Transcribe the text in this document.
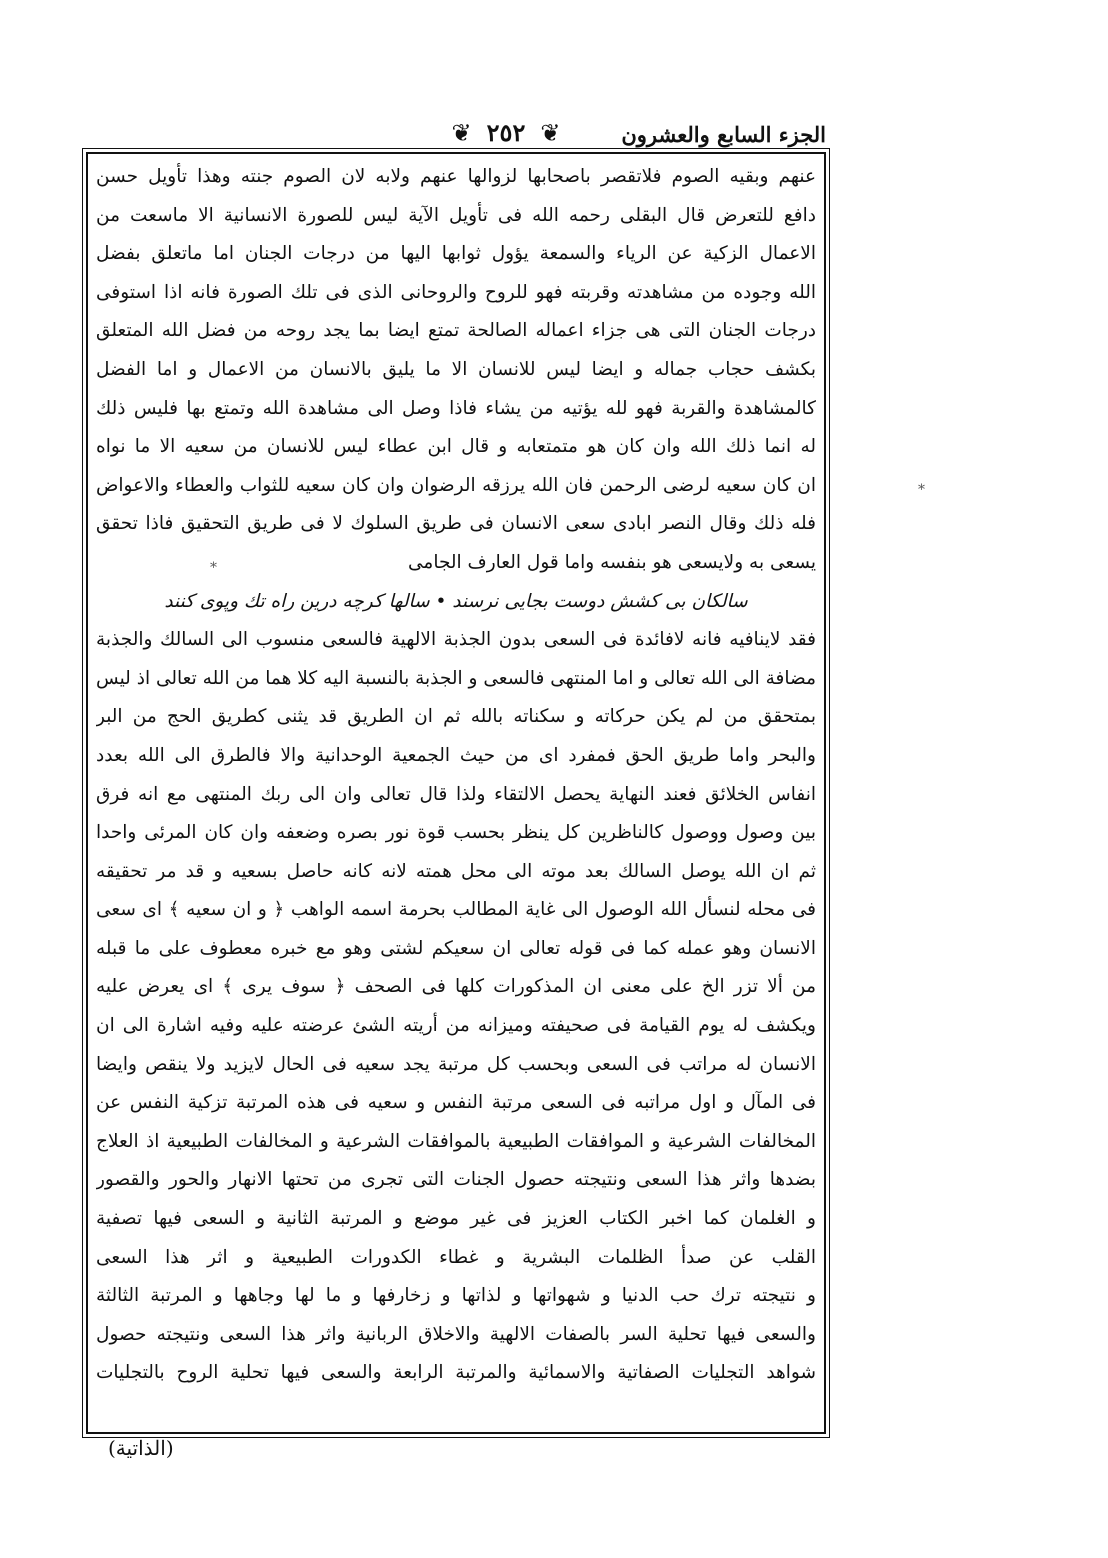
الجزء السابع والعشرون
❦ ٢٥٢ ❦
عنهم وبقيه الصوم فلاتقصر باصحابها لزوالها عنهم ولابه لان الصوم جنته وهذا تأويل حسن
دافع للتعرض قال البقلى رحمه الله فى تأويل الآية ليس للصورة الانسانية الا ماسعت من
الاعمال الزكية عن الرياء والسمعة يؤول ثوابها اليها من درجات الجنان اما ماتعلق بفضل
الله وجوده من مشاهدته وقربته فهو للروح والروحانى الذى فى تلك الصورة فانه اذا استوفى
درجات الجنان التى هى جزاء اعماله الصالحة تمتع ايضا بما يجد روحه من فضل الله المتعلق
بكشف حجاب جماله و ايضا ليس للانسان الا ما يليق بالانسان من الاعمال و اما الفضل
كالمشاهدة والقربة فهو لله يؤتيه من يشاء فاذا وصل الى مشاهدة الله وتمتع بها فليس ذلك
له انما ذلك الله وان كان هو متمتعابه و قال ابن عطاء ليس للانسان من سعيه الا ما نواه
ان كان سعيه لرضى الرحمن فان الله يرزقه الرضوان وان كان سعيه للثواب والعطاء والاعواض
فله ذلك وقال النصر ابادى سعى الانسان فى طريق السلوك لا فى طريق التحقيق فاذا تحقق
يسعى به ولايسعى هو بنفسه واما قول العارف الجامى
سالكان بى كشش دوست بجايى نرسند • سالها كرچه درين راه تك وپوى كنند
فقد لاينافيه فانه لافائدة فى السعى بدون الجذبة الالهية فالسعى منسوب الى السالك والجذبة
مضافة الى الله تعالى و اما المنتهى فالسعى و الجذبة بالنسبة اليه كلا هما من الله تعالى اذ ليس
بمتحقق من لم يكن حركاته و سكناته بالله ثم ان الطريق قد يثنى كطريق الحج من البر
والبحر واما طريق الحق فمفرد اى من حيث الجمعية الوحدانية والا فالطرق الى الله بعدد
انفاس الخلائق فعند النهاية يحصل الالتقاء ولذا قال تعالى وان الى ربك المنتهى مع انه فرق
بين وصول ووصول كالناظرين كل ينظر بحسب قوة نور بصره وضعفه وان كان المرئى واحدا
ثم ان الله يوصل السالك بعد موته الى محل همته لانه كانه حاصل بسعيه و قد مر تحقيقه
فى محله لنسأل الله الوصول الى غاية المطالب بحرمة اسمه الواهب ﴿ و ان سعيه ﴾ اى سعى
الانسان وهو عمله كما فى قوله تعالى ان سعيكم لشتى وهو مع خبره معطوف على ما قبله
من ألا تزر الخ على معنى ان المذكورات كلها فى الصحف ﴿ سوف يرى ﴾ اى يعرض عليه
ويكشف له يوم القيامة فى صحيفته وميزانه من أريته الشئ عرضته عليه وفيه اشارة الى ان
الانسان له مراتب فى السعى وبحسب كل مرتبة يجد سعيه فى الحال لايزيد ولا ينقص وايضا
فى المآل و اول مراتبه فى السعى مرتبة النفس و سعيه فى هذه المرتبة تزكية النفس عن
المخالفات الشرعية و الموافقات الطبيعية بالموافقات الشرعية و المخالفات الطبيعية اذ العلاج
بضدها واثر هذا السعى ونتيجته حصول الجنات التى تجرى من تحتها الانهار والحور والقصور
و الغلمان كما اخبر الكتاب العزيز فى غير موضع و المرتبة الثانية و السعى فيها تصفية
القلب عن صدأ الظلمات البشرية و غطاء الكدورات الطبيعية و اثر هذا السعى
و نتيجته ترك حب الدنيا و شهواتها و لذاتها و زخارفها و ما لها وجاهها و المرتبة الثالثة
والسعى فيها تحلية السر بالصفات الالهية والاخلاق الربانية واثر هذا السعى ونتيجته حصول
شواهد التجليات الصفاتية والاسمائية والمرتبة الرابعة والسعى فيها تحلية الروح بالتجليات
*
*
(الذاتية)
